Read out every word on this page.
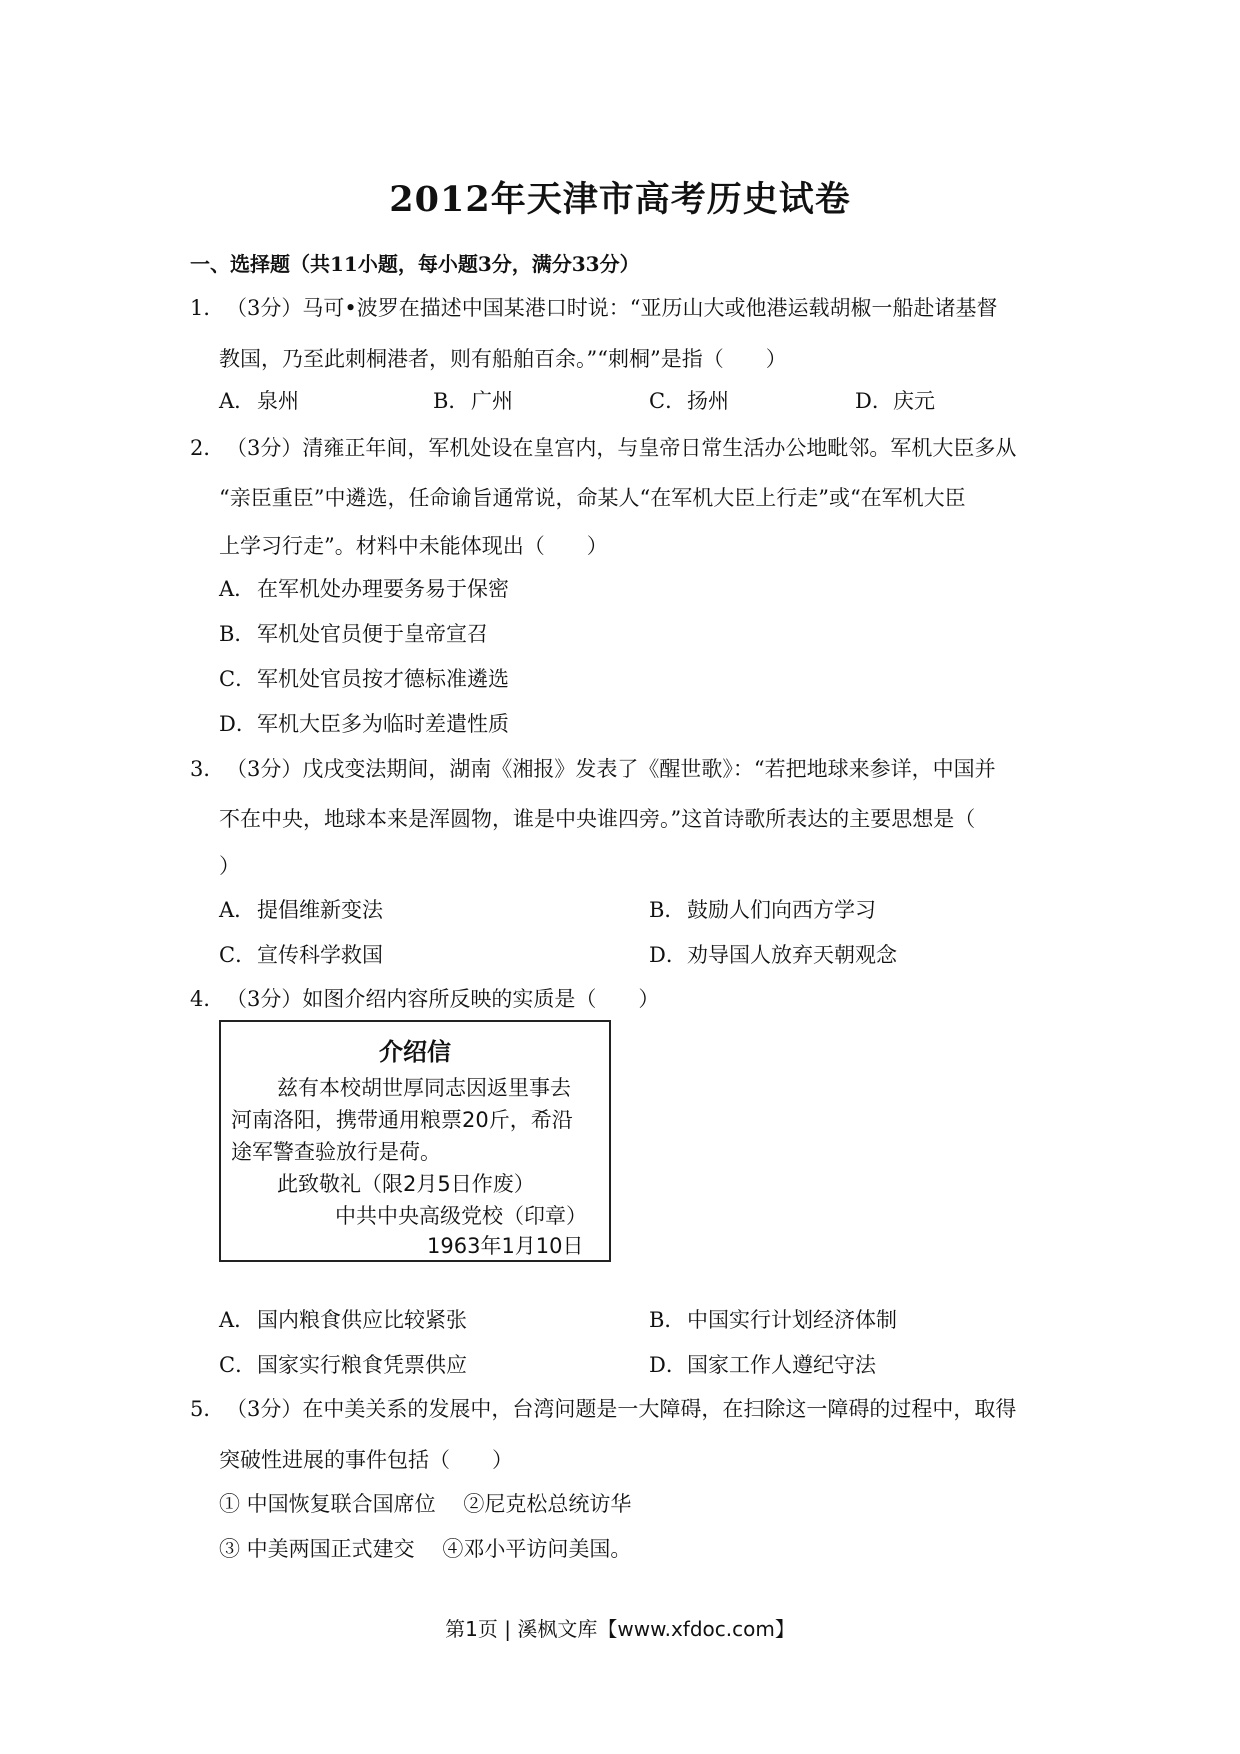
2012年天津市高考历史试卷
一、选择题（共11小题，每小题3分，满分33分）
1．（3分）马可•波罗在描述中国某港口时说：“亚历山大或他港运载胡椒一船赴诸基督
教国，乃至此刺桐港者，则有船舶百余。”“刺桐”是指（　　）
A．泉州	B．广州	C．扬州	D．庆元
2．（3分）清雍正年间，军机处设在皇宫内，与皇帝日常生活办公地毗邻。军机大臣多从
“亲臣重臣”中遴选，任命谕旨通常说，命某人“在军机大臣上行走”或“在军机大臣
上学习行走”。材料中未能体现出（　　）
A．在军机处办理要务易于保密
B．军机处官员便于皇帝宣召
C．军机处官员按才德标准遴选
D．军机大臣多为临时差遣性质
3．（3分）戊戌变法期间，湖南《湘报》发表了《醒世歌》：“若把地球来参详，中国并
不在中央，地球本来是浑圆物，谁是中央谁四旁。”这首诗歌所表达的主要思想是（
）
A．提倡维新变法	B．鼓励人们向西方学习
C．宣传科学救国	D．劝导国人放弃天朝观念
4．（3分）如图介绍内容所反映的实质是（　　）
介绍信
兹有本校胡世厚同志因返里事去
河南洛阳，携带通用粮票20斤，希沿
途军警查验放行是荷。
此致敬礼（限2月5日作废）
中共中央高级党校（印章）
1963年1月10日
A．国内粮食供应比较紧张	B．中国实行计划经济体制
C．国家实行粮食凭票供应	D．国家工作人遵纪守法
5．（3分）在中美关系的发展中，台湾问题是一大障碍，在扫除这一障碍的过程中，取得
突破性进展的事件包括（　　）
① 中国恢复联合国席位　 ②尼克松总统访华
③ 中美两国正式建交　 ④邓小平访问美国。
第1页 | 溪枫文库【www.xfdoc.com】
